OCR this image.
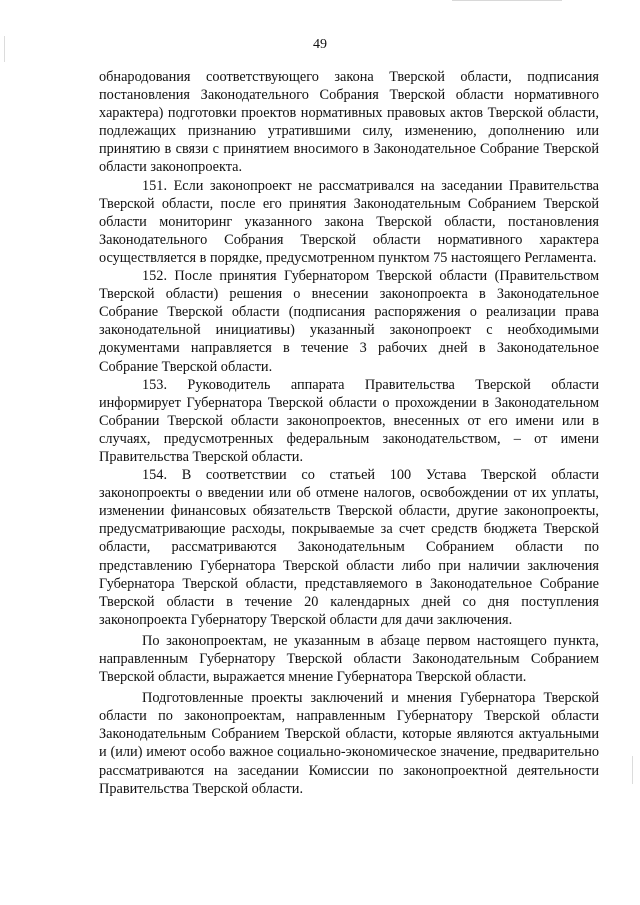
49

обнародования соответствующего закона Тверской области, подписания постановления Законодательного Собрания Тверской области нормативного характера) подготовки проектов нормативных правовых актов Тверской области, подлежащих признанию утратившими силу, изменению, дополнению или принятию в связи с принятием вносимого в Законодательное Собрание Тверской области законопроекта.

151. Если законопроект не рассматривался на заседании Правительства Тверской области, после его принятия Законодательным Собранием Тверской области мониторинг указанного закона Тверской области, постановления Законодательного Собрания Тверской области нормативного характера осуществляется в порядке, предусмотренном пунктом 75 настоящего Регламента.

152. После принятия Губернатором Тверской области (Правительством Тверской области) решения о внесении законопроекта в Законодательное Собрание Тверской области (подписания распоряжения о реализации права законодательной инициативы) указанный законопроект с необходимыми документами направляется в течение 3 рабочих дней в Законодательное Собрание Тверской области.

153. Руководитель аппарата Правительства Тверской области информирует Губернатора Тверской области о прохождении в Законодательном Собрании Тверской области законопроектов, внесенных от его имени или в случаях, предусмотренных федеральным законодательством, – от имени Правительства Тверской области.

154. В соответствии со статьей 100 Устава Тверской области законопроекты о введении или об отмене налогов, освобождении от их уплаты, изменении финансовых обязательств Тверской области, другие законопроекты, предусматривающие расходы, покрываемые за счет средств бюджета Тверской области, рассматриваются Законодательным Собранием области по представлению Губернатора Тверской области либо при наличии заключения Губернатора Тверской области, представляемого в Законодательное Собрание Тверской области в течение 20 календарных дней со дня поступления законопроекта Губернатору Тверской области для дачи заключения.

По законопроектам, не указанным в абзаце первом настоящего пункта, направленным Губернатору Тверской области Законодательным Собранием Тверской области, выражается мнение Губернатора Тверской области.

Подготовленные проекты заключений и мнения Губернатора Тверской области по законопроектам, направленным Губернатору Тверской области Законодательным Собранием Тверской области, которые являются актуальными и (или) имеют особо важное социально-экономическое значение, предварительно рассматриваются на заседании Комиссии по законопроектной деятельности Правительства Тверской области.
